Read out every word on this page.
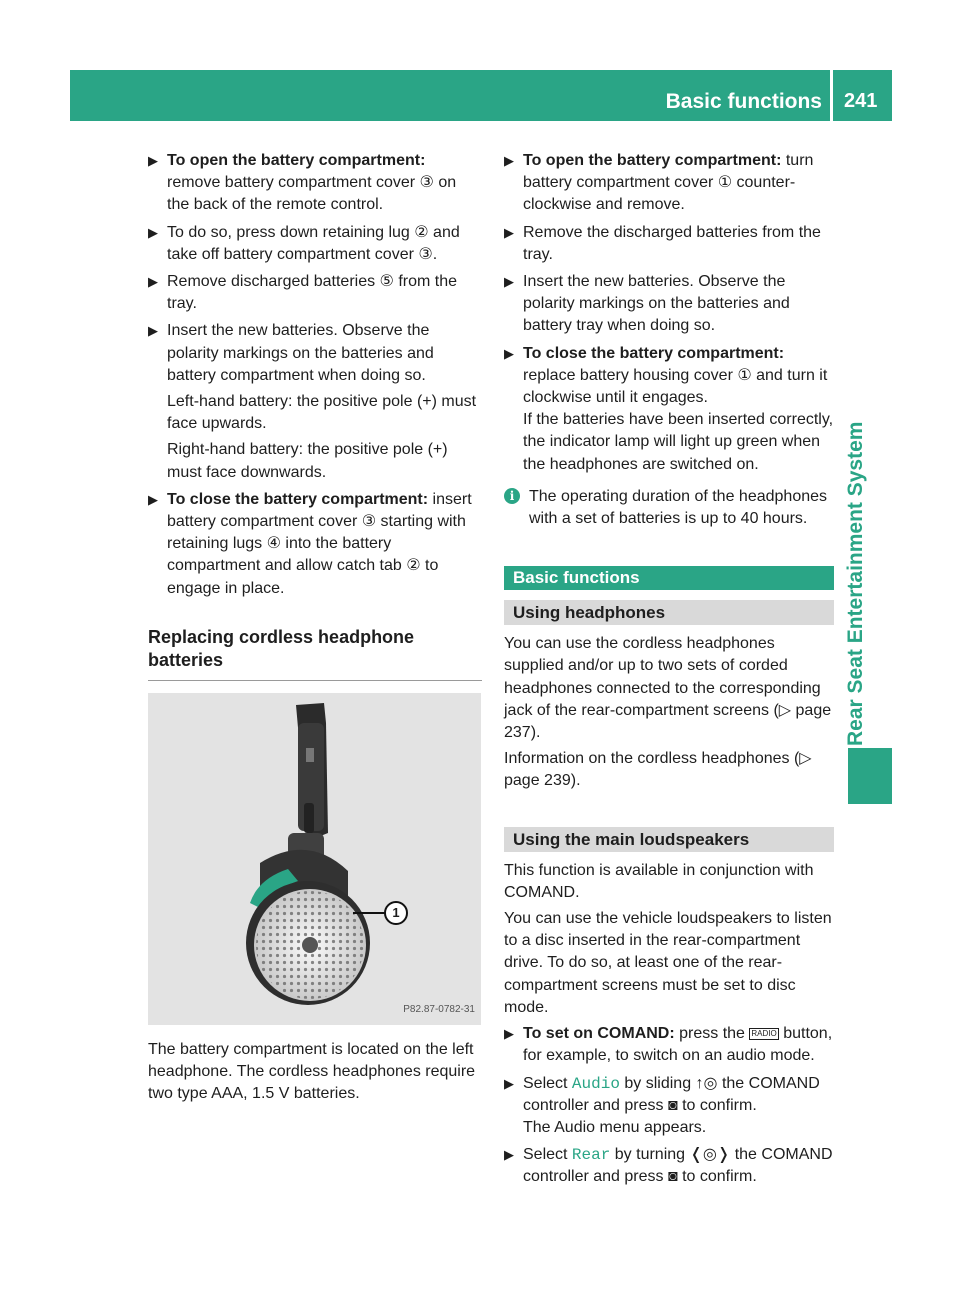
Basic functions 241
Rear Seat Entertainment System
▶ To open the battery compartment: remove battery compartment cover ③ on the back of the remote control.

▶ To do so, press down retaining lug ② and take off battery compartment cover ③.

▶ Remove discharged batteries ⑤ from the tray.

▶ Insert the new batteries. Observe the polarity markings on the batteries and battery compartment when doing so.

Left-hand battery: the positive pole (+) must face upwards.

Right-hand battery: the positive pole (+) must face downwards.

▶ To close the battery compartment: insert battery compartment cover ③ starting with retaining lugs ④ into the battery compartment and allow catch tab ② to engage in place.

Replacing cordless headphone batteries
1
P82.87-0782-31

The battery compartment is located on the left headphone. The cordless headphones require two type AAA, 1.5 V batteries.

▶ To open the battery compartment: turn battery compartment cover ① counter-clockwise and remove.

▶ Remove the discharged batteries from the tray.

▶ Insert the new batteries. Observe the polarity markings on the batteries and battery tray when doing so.

▶ To close the battery compartment: replace battery housing cover ① and turn it clockwise until it engages.

If the batteries have been inserted correctly, the indicator lamp will light up green when the headphones are switched on.

i The operating duration of the headphones with a set of batteries is up to 40 hours.

Basic functions
Using headphones

You can use the cordless headphones supplied and/or up to two sets of corded headphones connected to the corresponding jack of the rear-compartment screens (▷ page 237).

Information on the cordless headphones (▷ page 239).

Using the main loudspeakers

This function is available in conjunction with COMAND.

You can use the vehicle loudspeakers to listen to a disc inserted in the rear-compartment drive. To do so, at least one of the rear-compartment screens must be set to disc mode.

▶ To set on COMAND: press the RADIO button, for example, to switch on an audio mode.

▶ Select Audio by sliding ↑◎ the COMAND controller and press ◙ to confirm.

The Audio menu appears.

▶ Select Rear by turning ❬◎❭ the COMAND controller and press ◙ to confirm.
